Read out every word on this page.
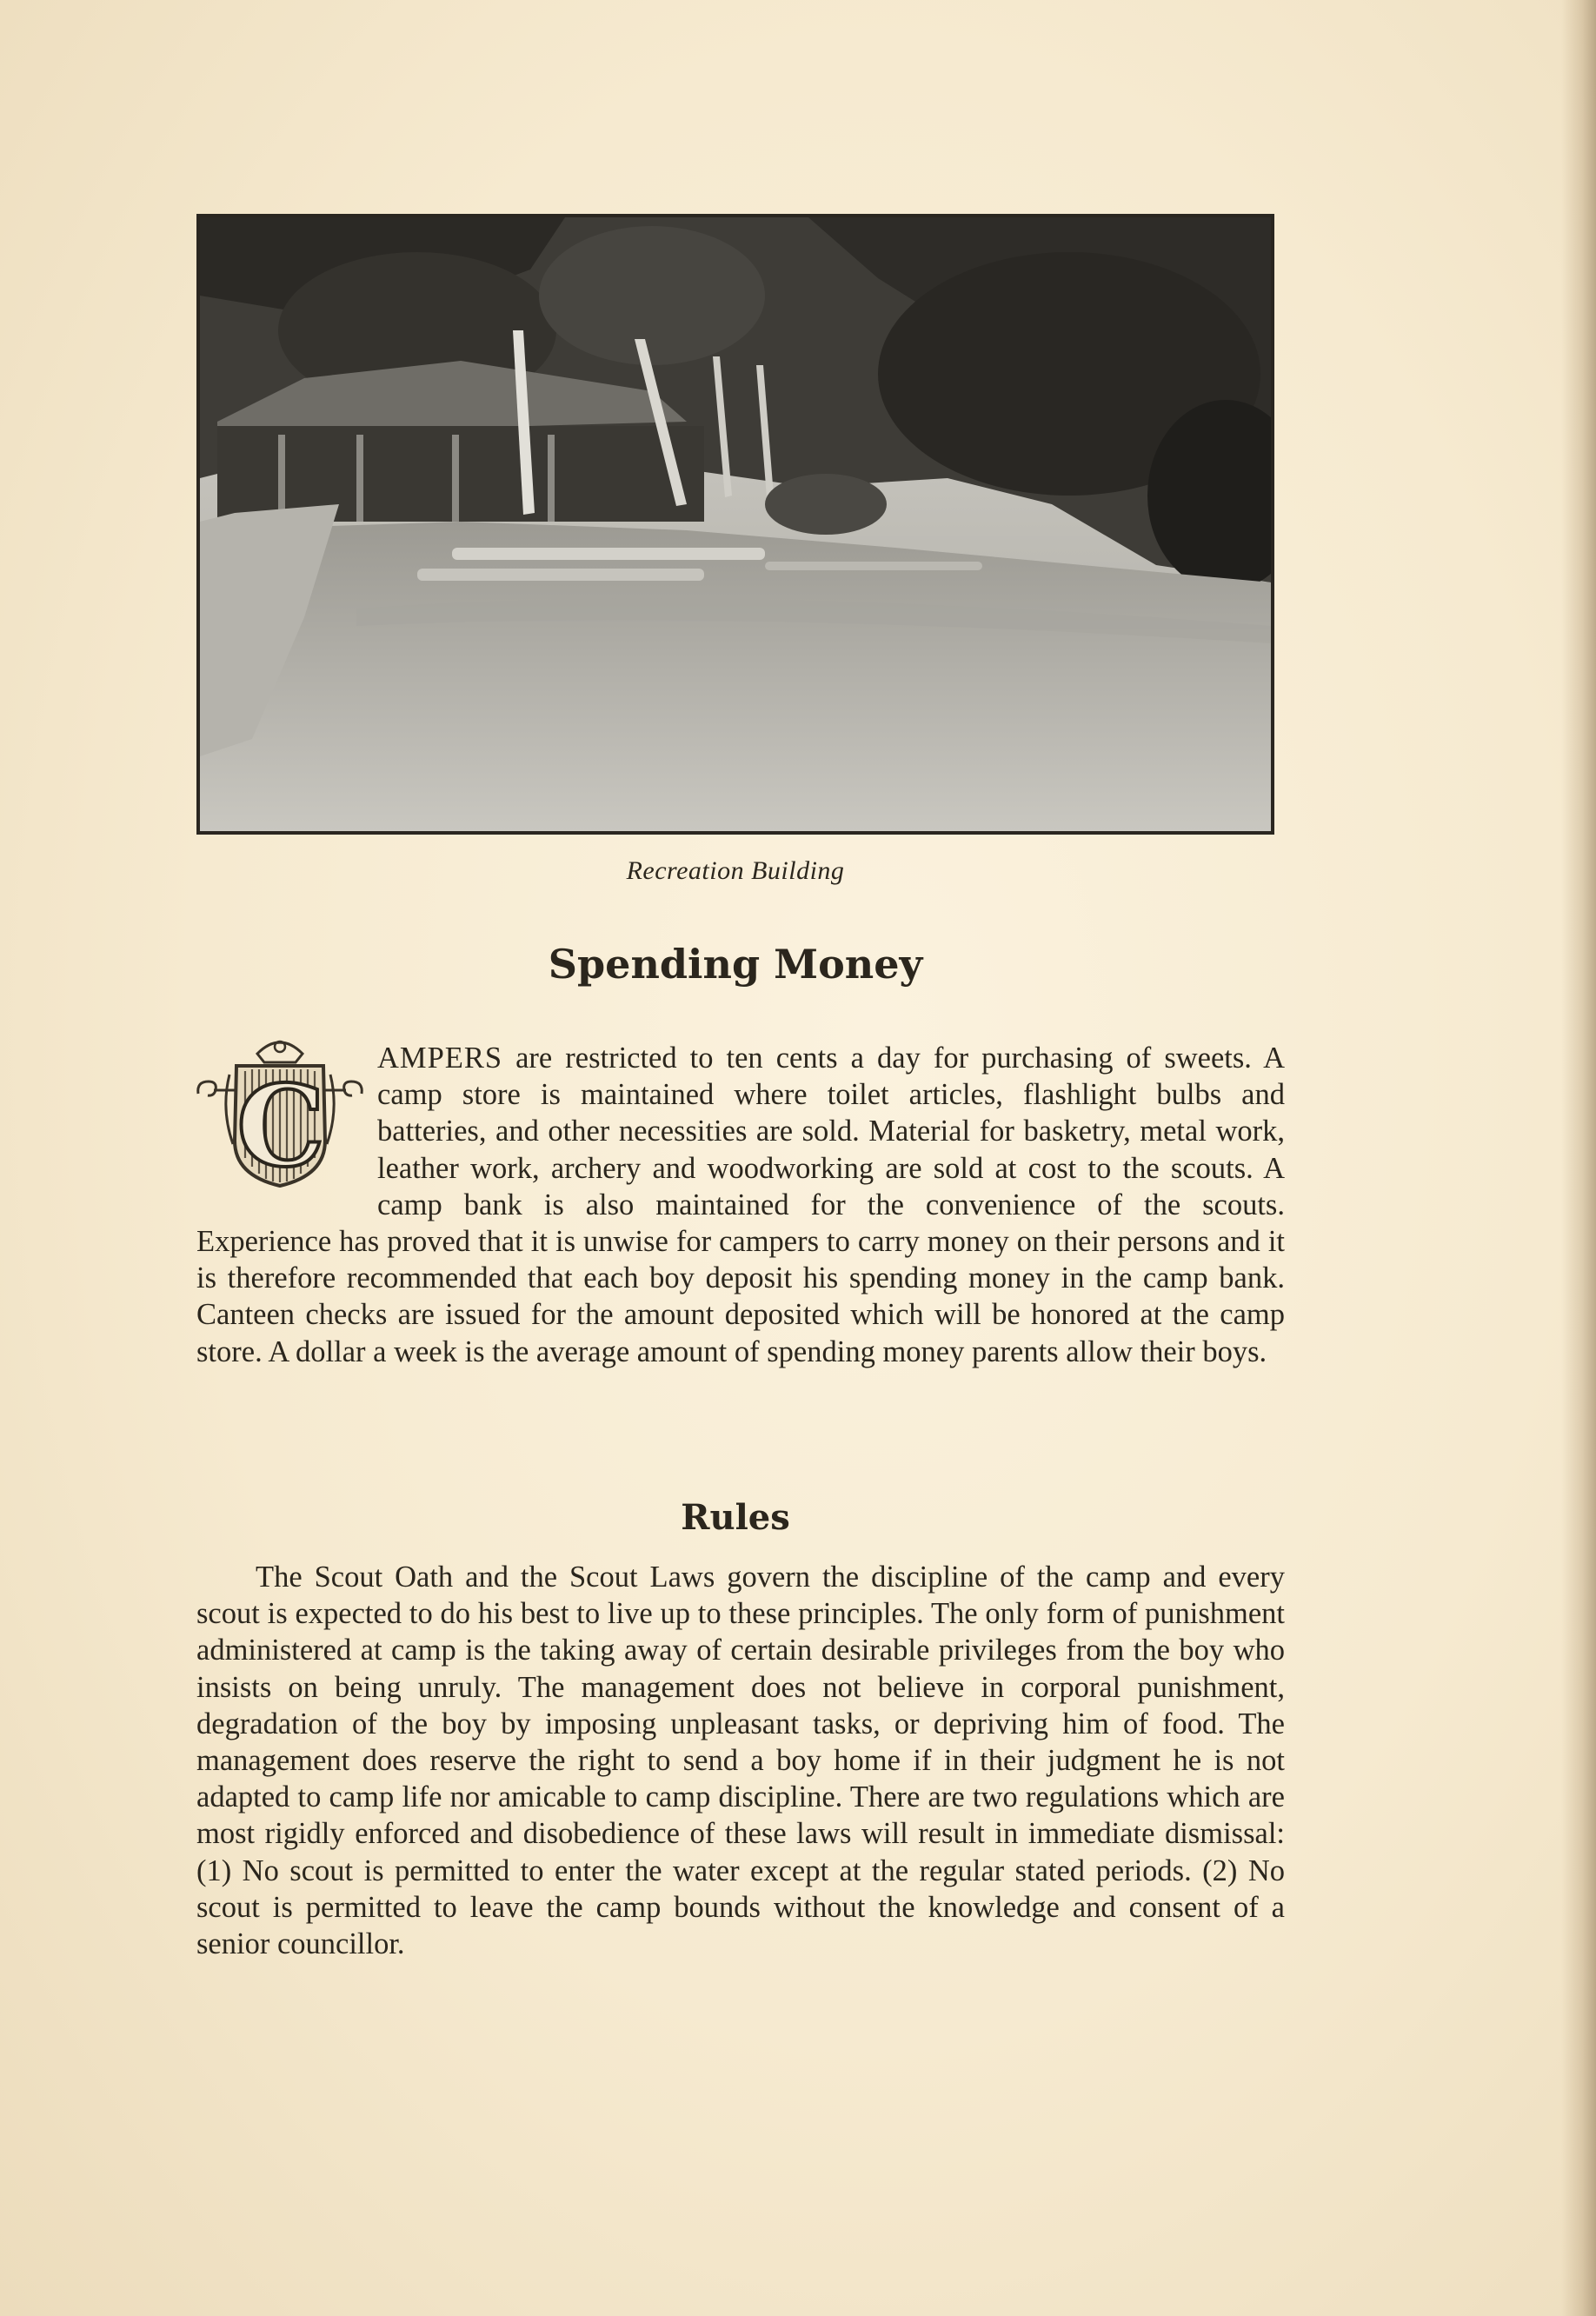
Recreation Building
Spending Money

C
AMPERS are restricted to ten cents a day for purchasing of sweets. A camp store is maintained where toilet articles, flashlight bulbs and batteries, and other necessities are sold. Material for basketry, metal work, leather work, archery and woodworking are sold at cost to the scouts. A camp bank is also maintained for the convenience of the scouts. Experience has proved that it is unwise for campers to carry money on their persons and it is therefore recommended that each boy deposit his spending money in the camp bank. Canteen checks are issued for the amount deposited which will be honored at the camp store. A dollar a week is the average amount of spending money parents allow their boys.

Rules

The Scout Oath and the Scout Laws govern the discipline of the camp and every scout is expected to do his best to live up to these principles. The only form of punishment administered at camp is the taking away of certain desirable privileges from the boy who insists on being unruly. The management does not believe in corporal punishment, degradation of the boy by imposing unpleasant tasks, or depriving him of food. The management does reserve the right to send a boy home if in their judgment he is not adapted to camp life nor amicable to camp discipline. There are two regulations which are most rigidly enforced and disobedience of these laws will result in immediate dismissal: (1) No scout is permitted to enter the water except at the regular stated periods. (2) No scout is permitted to leave the camp bounds without the knowledge and consent of a senior councillor.
